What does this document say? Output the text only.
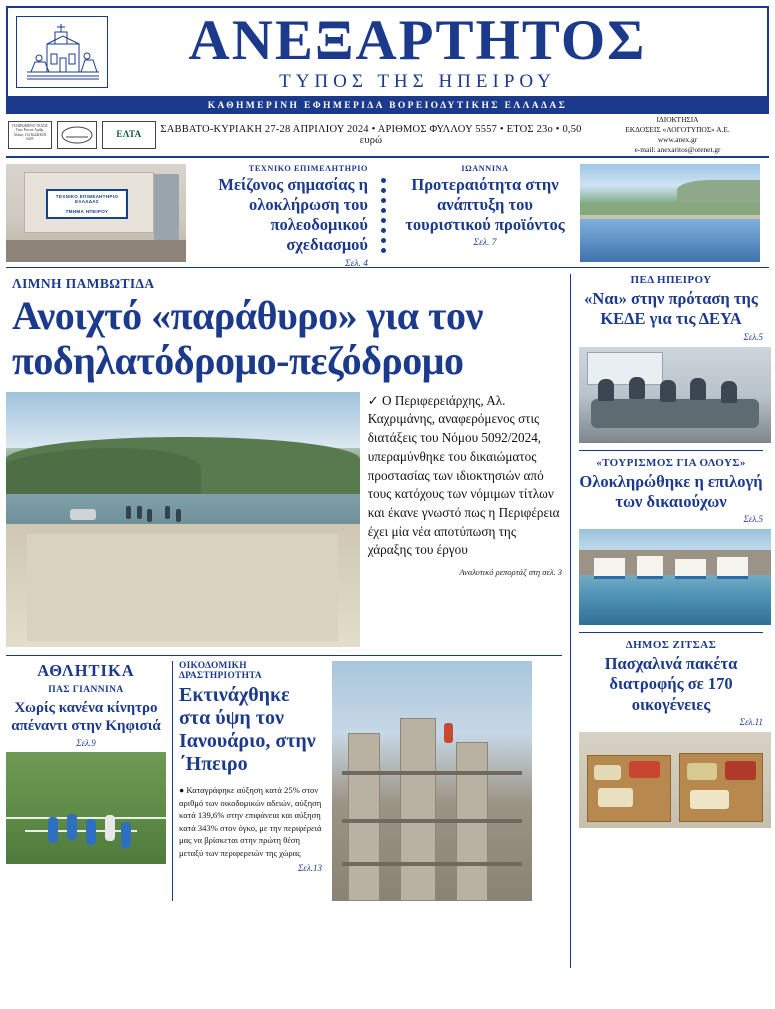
ΑΝΕΞΑΡΤΗΤΟΣ
ΤΥΠΟΣ ΤΗΣ ΗΠΕΙΡΟΥ
ΚΑΘΗΜΕΡΙΝΗ ΕΦΗΜΕΡΙΔΑ ΒΟΡΕΙΟΔΥΤΙΚΗΣ ΕΛΛΑΔΑΣ
ΠΛΗΡΩΜΕΝΟ ΤΕΛΟΣ Taxe Percue Αριθμ. Αδείας 134 ΚΩΔΙΚΟΣ 6405
ΕΛΤΑ	ΣΑΒΒΑΤΟ-ΚΥΡΙΑΚΗ 27-28 ΑΠΡΙΛΙΟΥ 2024 • ΑΡΙΘΜΟΣ ΦΥΛΛΟΥ 5557 • ΕΤΟΣ 23ο • 0,50 ευρώ
ΙΔΙΟΚΤΗΣΙΑ
ΕΚΔΟΣΕΙΣ «ΛΟΓΟΤΥΠΟΣ» Α.Ε.
www.anex.gr
e-mail: anexaritos@otenet.gr
ΤΕΧΝΙΚΟ ΕΠΙΜΕΛΗΤΗΡΙΟ
ΕΛΛΑΔΑΣ

ΤΜΗΜΑ ΗΠΕΙΡΟΥ
ΤΕΧΝΙΚΟ ΕΠΙΜΕΛΗΤΗΡΙΟ
Μείζονος σημασίας η ολοκλήρωση του πολεοδομικού σχεδιασμού
Σελ. 4
ΙΩΑΝΝΙΝΑ
Προτεραιότητα στην ανάπτυξη του τουριστικού προϊόντος
Σελ. 7
ΛΙΜΝΗ ΠΑΜΒΩΤΙΔΑ
Ανοιχτό «παράθυρο» για τον ποδηλατόδρομο-πεζόδρομο
✓ Ο Περιφερειάρχης, Αλ. Καχριμάνης, αναφερόμενος στις διατάξεις του Νόμου 5092/2024, υπεραμύνθηκε του δικαιώματος προστασίας των ιδιοκτησιών από τους κατόχους των νόμιμων τίτλων και έκανε γνωστό πως η Περιφέρεια έχει μία νέα αποτύπωση της χάραξης του έργου
Αναλυτικό ρεπορτάζ στη σελ. 3
ΑΘΛΗΤΙΚΑ
ΠΑΣ ΓΙΑΝΝΙΝΑ
Χωρίς κανένα κίνητρο απέναντι στην Κηφισιά
Σελ.9
ΟΙΚΟΔΟΜΙΚΗ ΔΡΑΣΤΗΡΙΟΤΗΤΑ
Εκτινάχθηκε στα ύψη τον Ιανουάριο, στην ΄Ηπειρο
● Καταγράφηκε αύξηση κατά 25% στον αριθμό των οικοδομικών αδειών, αύξηση κατά 139,6% στην επιφάνεια και αύξηση κατά 343% στον όγκο, με την περιφέρειά μας να βρίσκεται στην πρώτη θέση μεταξύ των περιφερειών της χώρας
Σελ.13
ΠΕΔ ΗΠΕΙΡΟΥ
«Ναι» στην πρόταση της ΚΕΔΕ για τις ΔΕΥΑ
Σελ.5
«ΤΟΥΡΙΣΜΟΣ ΓΙΑ ΟΛΟΥΣ»
Ολοκληρώθηκε η επιλογή των δικαιούχων
Σελ.5
ΔΗΜΟΣ ΖΙΤΣΑΣ
Πασχαλινά πακέτα διατροφής σε 170 οικογένειες
Σελ.11
